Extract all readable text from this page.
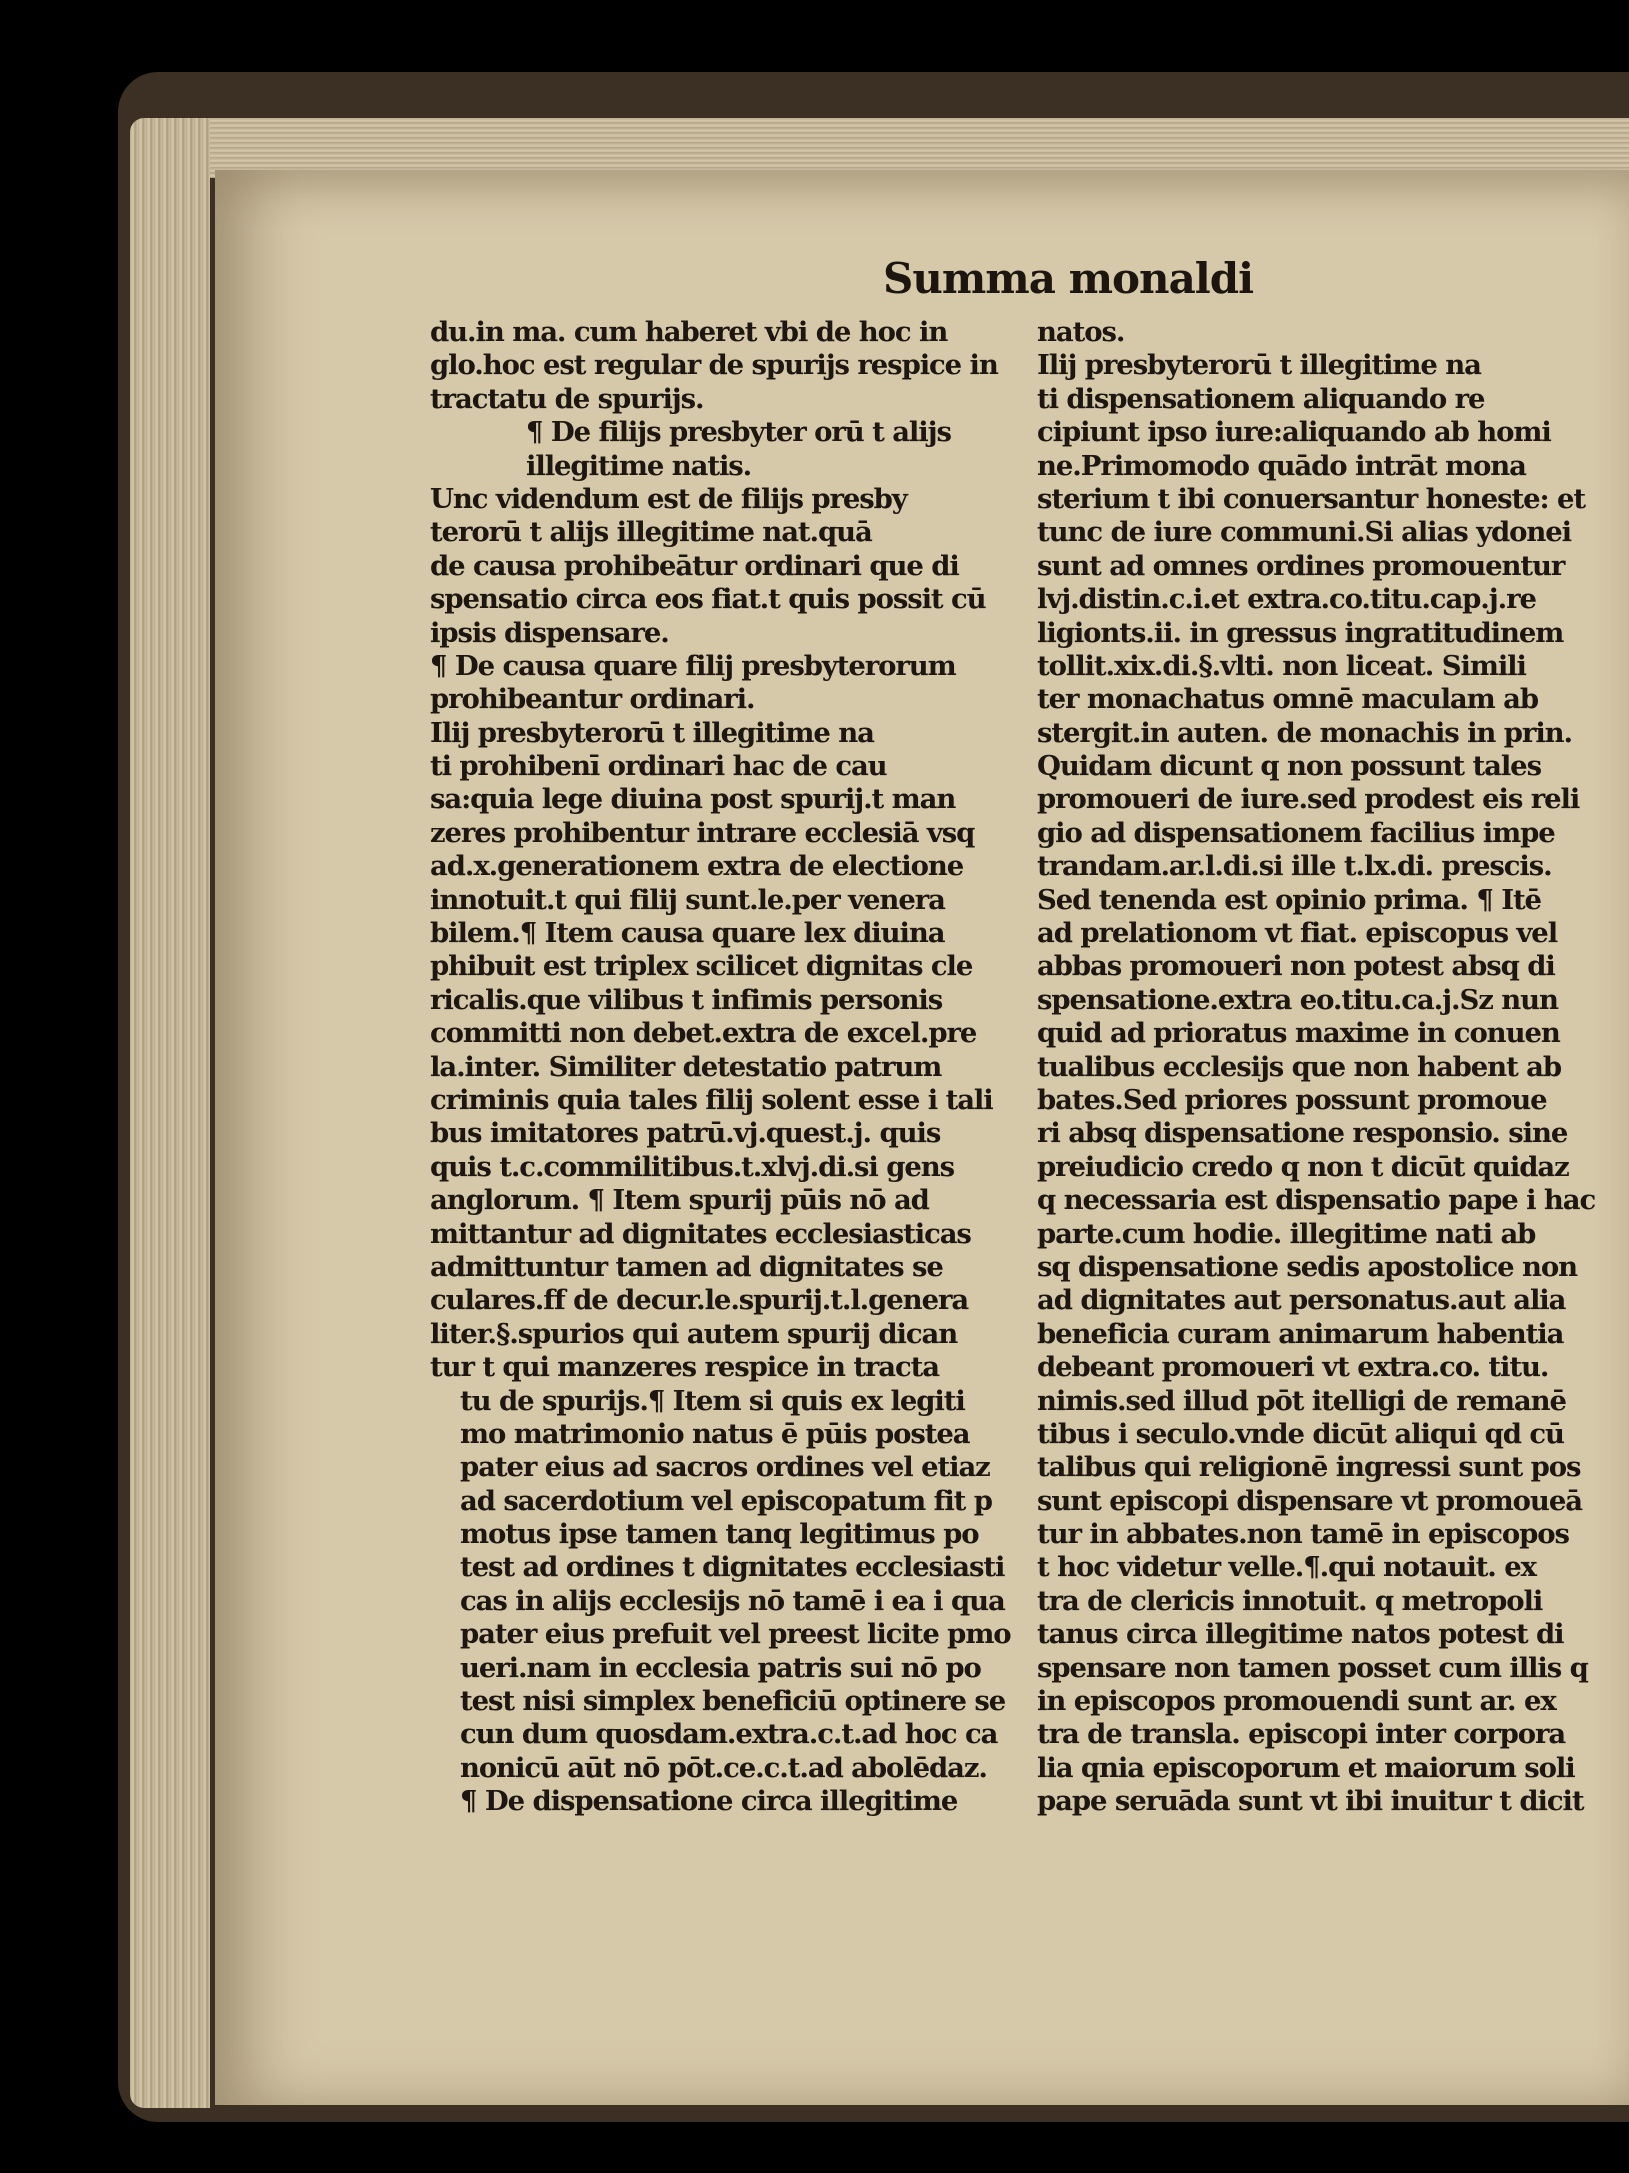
Summa monaldi
du.in ma. cum haberet vbi de hoc in
glo.hoc est regular de spurijs respice in
tractatu de spurijs.
¶ De filijs presbyter orū t alijs
illegitime natis.
Unc videndum est de filijs presby
terorū t alijs illegitime nat.quā
de causa prohibeātur ordinari que di
spensatio circa eos fiat.t quis possit cū
ipsis dispensare.
¶ De causa quare filij presbyterorum
prohibeantur ordinari.
Ilij presbyterorū t illegitime na
ti prohibenī ordinari hac de cau
sa:quia lege diuina post spurij.t man
zeres prohibentur intrare ecclesiā vsq
ad.x.generationem extra de electione
innotuit.t qui filij sunt.le.per venera
bilem.¶ Item causa quare lex diuina
phibuit est triplex scilicet dignitas cle
ricalis.que vilibus t infimis personis
committi non debet.extra de excel.pre
la.inter. Similiter detestatio patrum
criminis quia tales filij solent esse i tali
bus imitatores patrū.vj.quest.j. quis
quis t.c.commilitibus.t.xlvj.di.si gens
anglorum. ¶ Item spurij pūis nō ad
mittantur ad dignitates ecclesiasticas
admittuntur tamen ad dignitates se
culares.ff de decur.le.spurij.t.l.genera
liter.§.spurios qui autem spurij dican
tur t qui manzeres respice in tracta
tu de spurijs.¶ Item si quis ex legiti
mo matrimonio natus ē pūis postea
pater eius ad sacros ordines vel etiaz
ad sacerdotium vel episcopatum fit p
motus ipse tamen tanq legitimus po
test ad ordines t dignitates ecclesiasti
cas in alijs ecclesijs nō tamē i ea i qua
pater eius prefuit vel preest licite pmo
ueri.nam in ecclesia patris sui nō po
test nisi simplex beneficiū optinere se
cun dum quosdam.extra.c.t.ad hoc ca
nonicū aūt nō pōt.ce.c.t.ad abolēdaz.
¶ De dispensatione circa illegitime
natos.
Ilij presbyterorū t illegitime na
ti dispensationem aliquando re
cipiunt ipso iure:aliquando ab homi
ne.Primomodo quādo intrāt mona
sterium t ibi conuersantur honeste: et
tunc de iure communi.Si alias ydonei
sunt ad omnes ordines promouentur
lvj.distin.c.i.et extra.co.titu.cap.j.re
ligionts.ii. in gressus ingratitudinem
tollit.xix.di.§.vlti. non liceat. Simili
ter monachatus omnē maculam ab
stergit.in auten. de monachis in prin.
Quidam dicunt q non possunt tales
promoueri de iure.sed prodest eis reli
gio ad dispensationem facilius impe
trandam.ar.l.di.si ille t.lx.di. prescis.
Sed tenenda est opinio prima. ¶ Itē
ad prelationom vt fiat. episcopus vel
abbas promoueri non potest absq di
spensatione.extra eo.titu.ca.j.Sz nun
quid ad prioratus maxime in conuen
tualibus ecclesijs que non habent ab
bates.Sed priores possunt promoue
ri absq dispensatione responsio. sine
preiudicio credo q non t dicūt quidaz
q necessaria est dispensatio pape i hac
parte.cum hodie. illegitime nati ab
sq dispensatione sedis apostolice non
ad dignitates aut personatus.aut alia
beneficia curam animarum habentia
debeant promoueri vt extra.co. titu.
nimis.sed illud pōt itelligi de remanē
tibus i seculo.vnde dicūt aliqui qd cū
talibus qui religionē ingressi sunt pos
sunt episcopi dispensare vt promoueā
tur in abbates.non tamē in episcopos
t hoc videtur velle.¶.qui notauit. ex
tra de clericis innotuit. q metropoli
tanus circa illegitime natos potest di
spensare non tamen posset cum illis q
in episcopos promouendi sunt ar. ex
tra de transla. episcopi inter corpora
lia qnia episcoporum et maiorum soli
pape seruāda sunt vt ibi inuitur t dicit
